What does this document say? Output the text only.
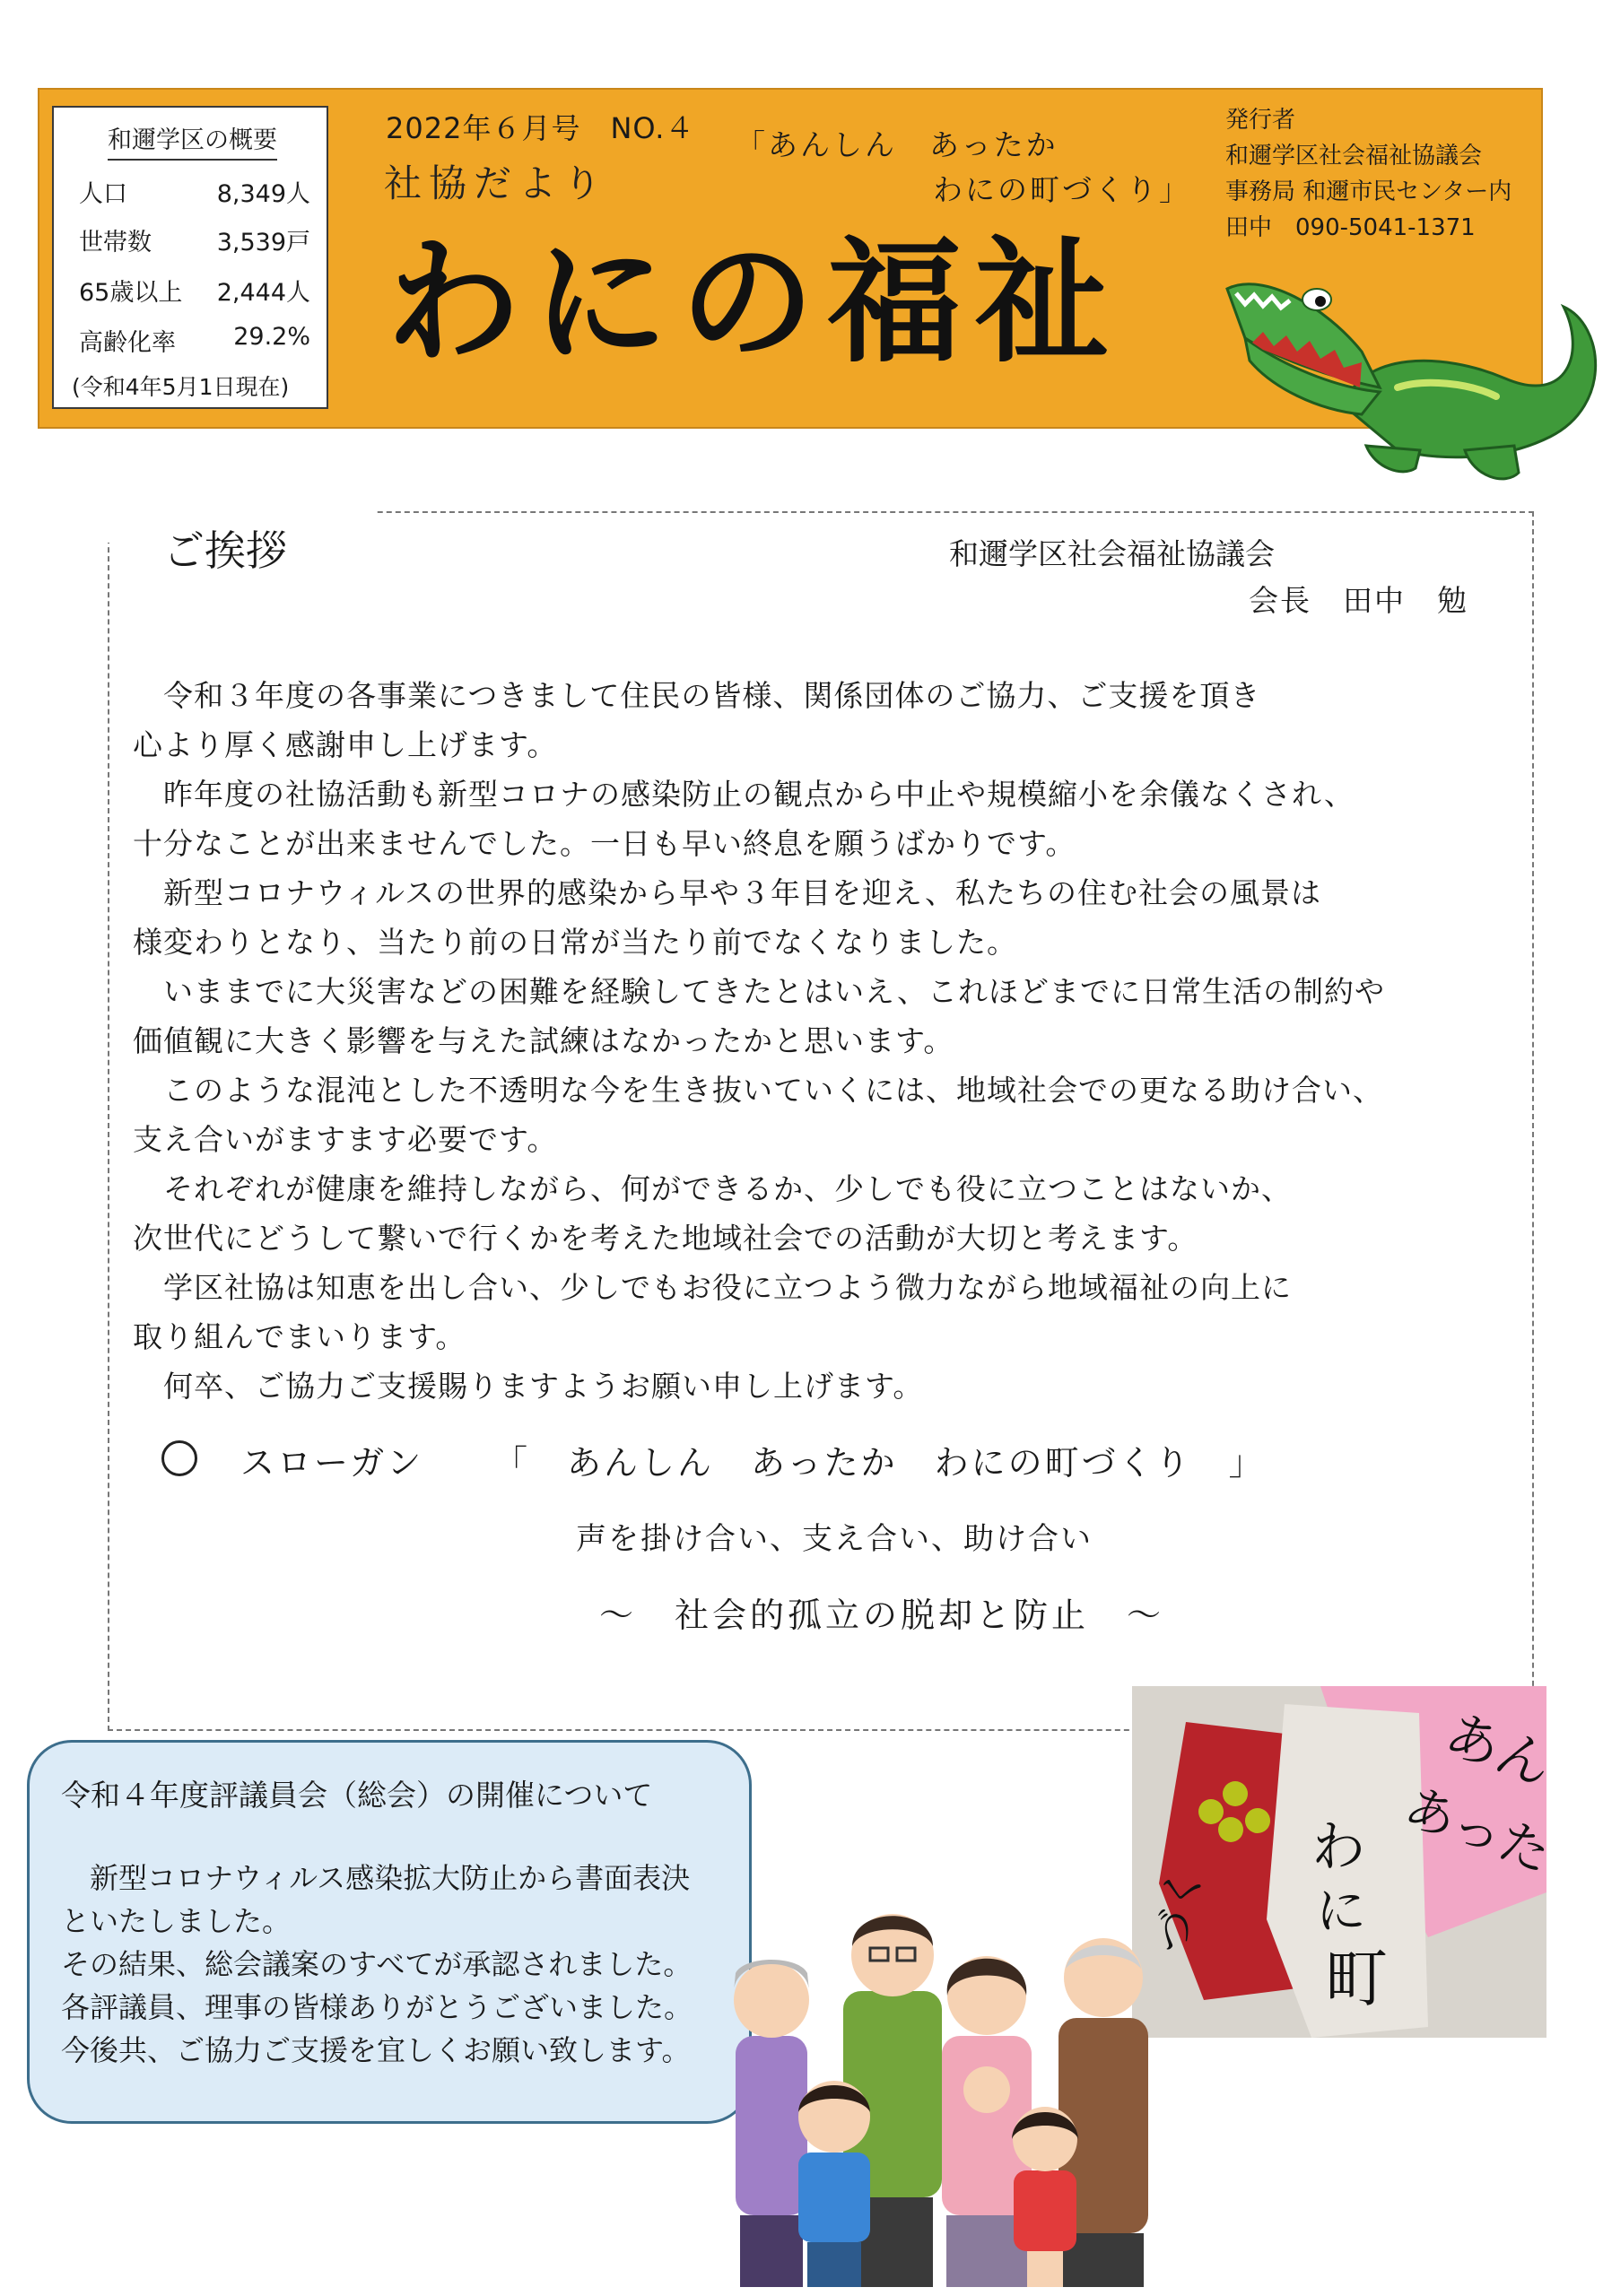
和邇学区の概要
人口	8,349人
世帯数	3,539戸
65歳以上 2,444人
高齢化率 29.2%
(令和4年5月1日現在)
2022年６月号　NO.４
社協だより
「あんしん　あったか
わにの町づくり」
わにの福祉
発行者
和邇学区社会福祉協議会
事務局 和邇市民センター内
田中　090-5041-1371
ご挨拶	和邇学区社会福祉協議会
会長　田中　勉

　令和３年度の各事業につきまして住民の皆様、関係団体のご協力、ご支援を頂き

心より厚く感謝申し上げます。

　昨年度の社協活動も新型コロナの感染防止の観点から中止や規模縮小を余儀なくされ、

十分なことが出来ませんでした。一日も早い終息を願うばかりです。

　新型コロナウィルスの世界的感染から早や３年目を迎え、私たちの住む社会の風景は

様変わりとなり、当たり前の日常が当たり前でなくなりました。

　いままでに大災害などの困難を経験してきたとはいえ、これほどまでに日常生活の制約や

価値観に大きく影響を与えた試練はなかったかと思います。

　このような混沌とした不透明な今を生き抜いていくには、地域社会での更なる助け合い、

支え合いがますます必要です。

　それぞれが健康を維持しながら、何ができるか、少しでも役に立つことはないか、

次世代にどうして繋いで行くかを考えた地域社会での活動が大切と考えます。

　学区社協は知恵を出し合い、少しでもお役に立つよう微力ながら地域福祉の向上に

取り組んでまいります。

　何卒、ご協力ご支援賜りますようお願い申し上げます。

スローガン 「　あんしん　あったか　わにの町づくり　」
声を掛け合い、支え合い、助け合い
～　社会的孤立の脱却と防止　～
令和４年度評議員会（総会）の開催について

　新型コロナウィルス感染拡大防止から書面表決

といたしました。

その結果、総会議案のすべてが承認されました。

各評議員、理事の皆様ありがとうございました。

今後共、ご協力ご支援を宜しくお願い致します。

あん
あった
わ
に
町
づく
